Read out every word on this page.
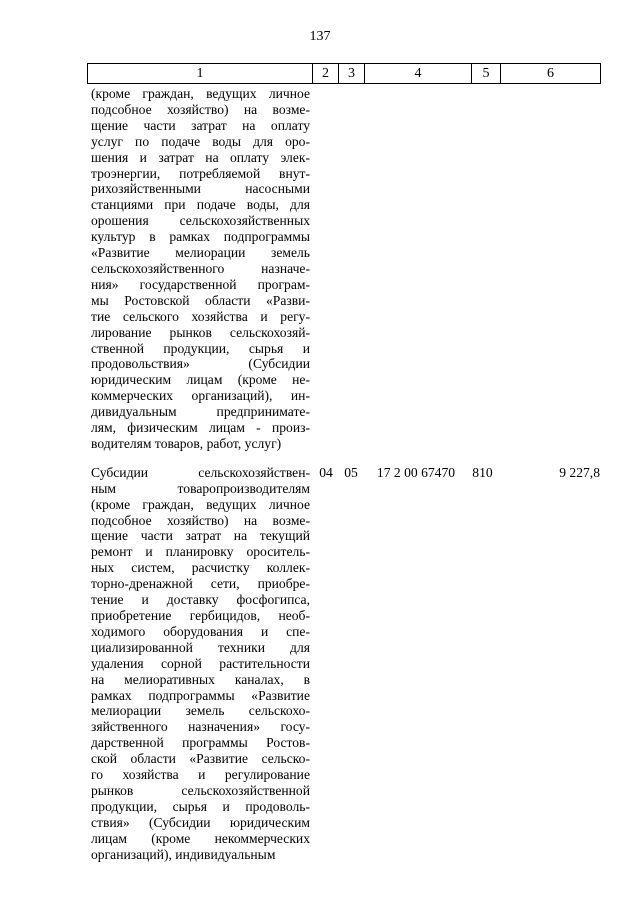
137
1	2	3	4	5	6
(кроме граждан, ведущих личное
подсобное хозяйство) на возме-
щение части затрат на оплату
услуг по подаче воды для оро-
шения и затрат на оплату элек-
троэнергии, потребляемой внут-
рихозяйственными насосными
станциями при подаче воды, для
орошения сельскохозяйственных
культур в рамках подпрограммы
«Развитие мелиорации земель
сельскохозяйственного назначе-
ния» государственной програм-
мы Ростовской области «Разви-
тие сельского хозяйства и регу-
лирование рынков сельскохозяй-
ственной продукции, сырья и
продовольствия» (Субсидии
юридическим лицам (кроме не-
коммерческих организаций), ин-
дивидуальным предпринимате-
лям, физическим лицам - произ-
водителям товаров, работ, услуг)
Субсидии сельскохозяйствен-
ным товаропроизводителям
(кроме граждан, ведущих личное
подсобное хозяйство) на возме-
щение части затрат на текущий
ремонт и планировку ороситель-
ных систем, расчистку коллек-
торно-дренажной сети, приобре-
тение и доставку фосфогипса,
приобретение гербицидов, необ-
ходимого оборудования и спе-
циализированной техники для
удаления сорной растительности
на мелиоративных каналах, в
рамках подпрограммы «Развитие
мелиорации земель сельскохо-
зяйственного назначения» госу-
дарственной программы Ростов-
ской области «Развитие сельско-
го хозяйства и регулирование
рынков сельскохозяйственной
продукции, сырья и продоволь-
ствия» (Субсидии юридическим
лицам (кроме некоммерческих
организаций), индивидуальным
04 05	17 2 00 67470	810	9 227,8
